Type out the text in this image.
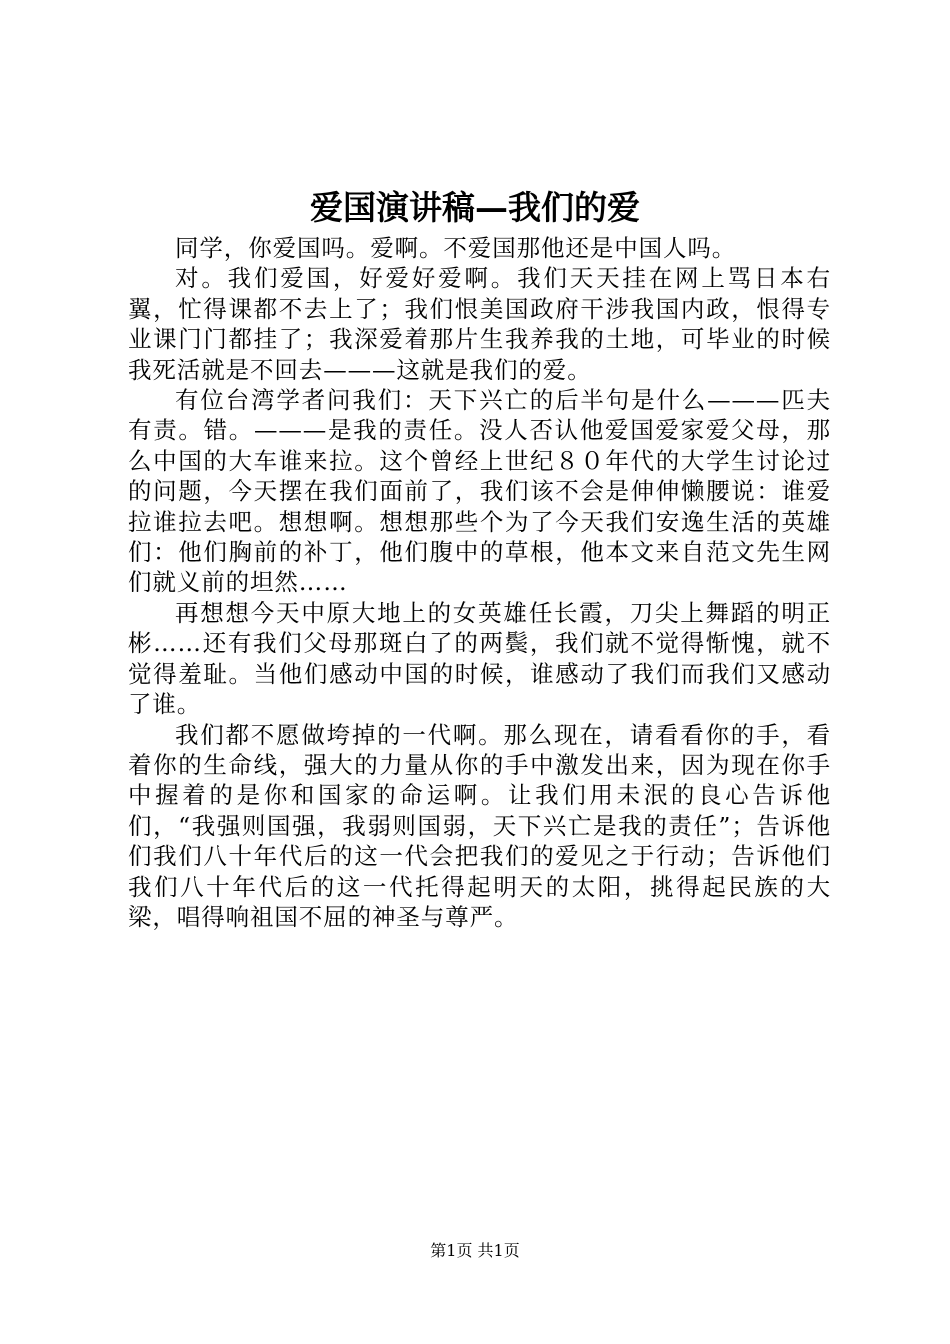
爱国演讲稿—我们的爱

同学，你爱国吗。爱啊。不爱国那他还是中国人吗。

对。我们爱国，好爱好爱啊。我们天天挂在网上骂日本右翼，忙得课都不去上了；我们恨美国政府干涉我国内政，恨得专业课门门都挂了；我深爱着那片生我养我的土地，可毕业的时候我死活就是不回去———这就是我们的爱。

有位台湾学者问我们：天下兴亡的后半句是什么———匹夫有责。错。———是我的责任。没人否认他爱国爱家爱父母，那么中国的大车谁来拉。这个曾经上世纪８０年代的大学生讨论过的问题，今天摆在我们面前了，我们该不会是伸伸懒腰说：谁爱拉谁拉去吧。想想啊。想想那些个为了今天我们安逸生活的英雄们：他们胸前的补丁，他们腹中的草根，他本文来自范文先生网们就义前的坦然……

再想想今天中原大地上的女英雄任长霞，刀尖上舞蹈的明正彬……还有我们父母那斑白了的两鬓，我们就不觉得惭愧，就不觉得羞耻。当他们感动中国的时候，谁感动了我们而我们又感动了谁。

我们都不愿做垮掉的一代啊。那么现在，请看看你的手，看着你的生命线，强大的力量从你的手中激发出来，因为现在你手中握着的是你和国家的命运啊。让我们用未泯的良心告诉他们，“我强则国强，我弱则国弱，天下兴亡是我的责任”；告诉他们我们八十年代后的这一代会把我们的爱见之于行动；告诉他们我们八十年代后的这一代托得起明天的太阳，挑得起民族的大梁，唱得响祖国不屈的神圣与尊严。

第1页 共1页
